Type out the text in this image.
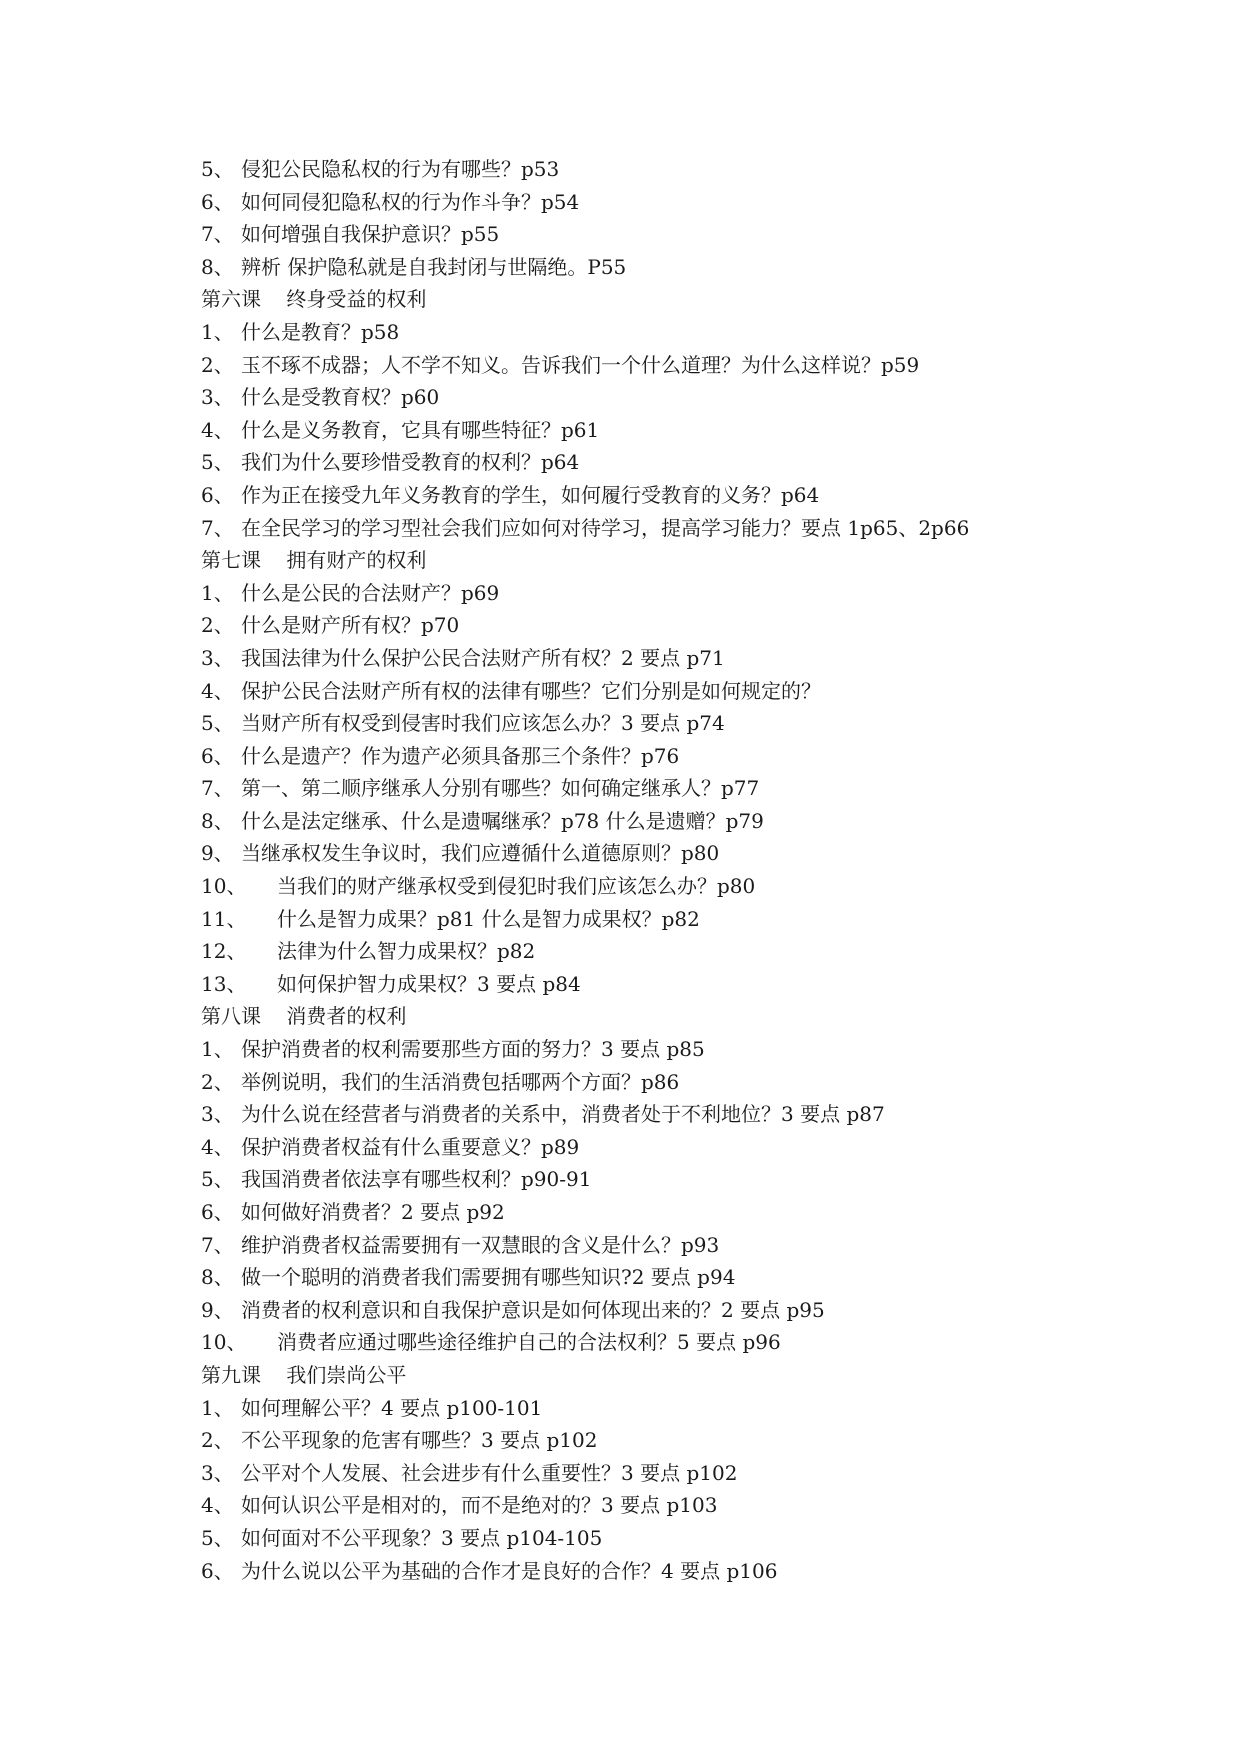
5、 侵犯公民隐私权的行为有哪些？p53
6、 如何同侵犯隐私权的行为作斗争？p54
7、 如何增强自我保护意识？p55
8、 辨析 保护隐私就是自我封闭与世隔绝。P55
第六课    终身受益的权利
1、 什么是教育？p58
2、 玉不琢不成器；人不学不知义。告诉我们一个什么道理？为什么这样说？p59
3、 什么是受教育权？p60
4、 什么是义务教育，它具有哪些特征？p61
5、 我们为什么要珍惜受教育的权利？p64
6、 作为正在接受九年义务教育的学生，如何履行受教育的义务？p64
7、 在全民学习的学习型社会我们应如何对待学习，提高学习能力？要点 1p65、2p66
第七课    拥有财产的权利
1、 什么是公民的合法财产？p69
2、 什么是财产所有权？p70
3、 我国法律为什么保护公民合法财产所有权？2 要点 p71
4、 保护公民合法财产所有权的法律有哪些？它们分别是如何规定的？
5、 当财产所有权受到侵害时我们应该怎么办？3 要点 p74
6、 什么是遗产？作为遗产必须具备那三个条件？p76
7、 第一、第二顺序继承人分别有哪些？如何确定继承人？p77
8、 什么是法定继承、什么是遗嘱继承？p78 什么是遗赠？p79
9、 当继承权发生争议时，我们应遵循什么道德原则？p80
10、 当我们的财产继承权受到侵犯时我们应该怎么办？p80
11、 什么是智力成果？p81 什么是智力成果权？p82
12、 法律为什么智力成果权？p82
13、 如何保护智力成果权？3 要点 p84
第八课    消费者的权利
1、 保护消费者的权利需要那些方面的努力？3 要点 p85
2、 举例说明，我们的生活消费包括哪两个方面？p86
3、 为什么说在经营者与消费者的关系中，消费者处于不利地位？3 要点 p87
4、 保护消费者权益有什么重要意义？p89
5、 我国消费者依法享有哪些权利？p90-91
6、 如何做好消费者？2 要点 p92
7、 维护消费者权益需要拥有一双慧眼的含义是什么？p93
8、 做一个聪明的消费者我们需要拥有哪些知识?2 要点 p94
9、 消费者的权利意识和自我保护意识是如何体现出来的？2 要点 p95
10、 消费者应通过哪些途径维护自己的合法权利？5 要点 p96
第九课    我们崇尚公平
1、 如何理解公平？4 要点 p100-101
2、 不公平现象的危害有哪些？3 要点 p102
3、 公平对个人发展、社会进步有什么重要性？3 要点 p102
4、 如何认识公平是相对的，而不是绝对的？3 要点 p103
5、 如何面对不公平现象？3 要点 p104-105
6、 为什么说以公平为基础的合作才是良好的合作？4 要点 p106
